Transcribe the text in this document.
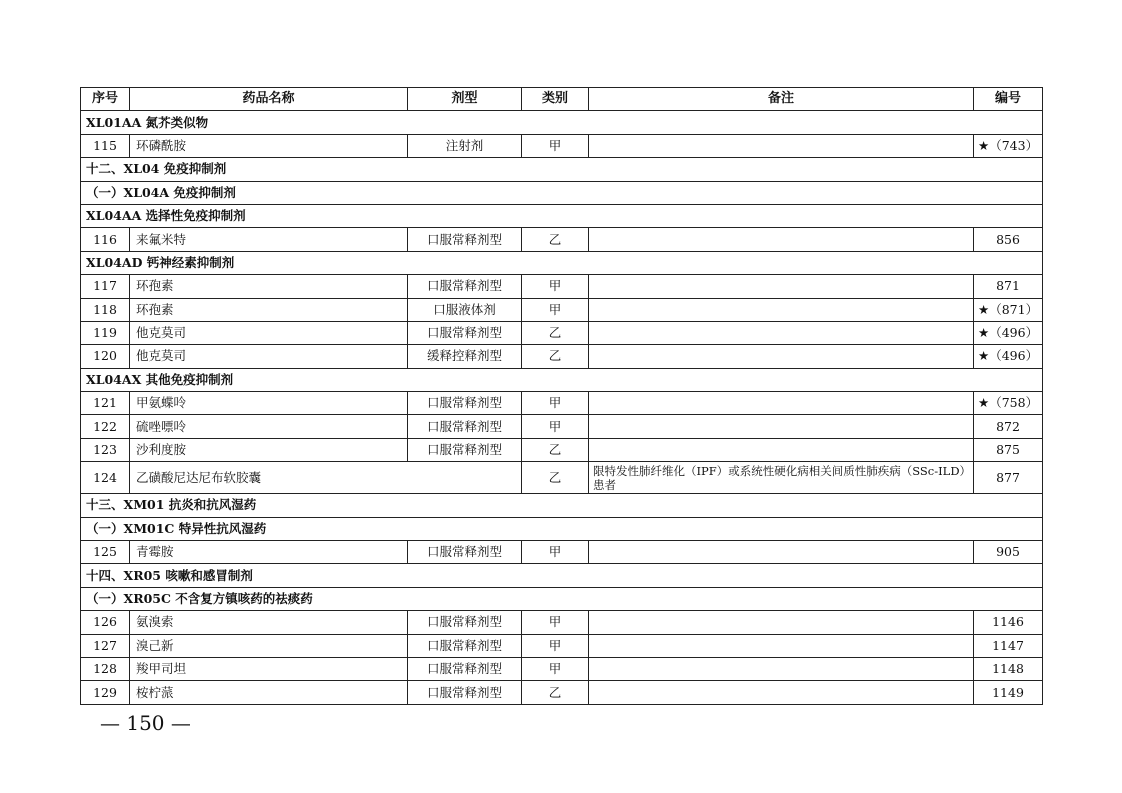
序号	药品名称	剂型	类别	备注	编号
XL01AA 氮芥类似物					
115	环磷酰胺	注射剂	甲		★（743）
十二、XL04 免疫抑制剂					
（一）XL04A 免疫抑制剂					
XL04AA 选择性免疫抑制剂					
116	来氟米特	口服常释剂型	乙		856
XL04AD 钙神经素抑制剂					
117	环孢素	口服常释剂型	甲		871
118	环孢素	口服液体剂	甲		★（871）
119	他克莫司	口服常释剂型	乙		★（496）
120	他克莫司	缓释控释剂型	乙		★（496）
XL04AX 其他免疫抑制剂					
121	甲氨蝶呤	口服常释剂型	甲		★（758）
122	硫唑嘌呤	口服常释剂型	甲		872
123	沙利度胺	口服常释剂型	乙		875
124	乙磺酸尼达尼布软胶囊		乙	限特发性肺纤维化（IPF）或系统性硬化病相关间质性肺疾病（SSc-ILD）患者	877
十三、XM01 抗炎和抗风湿药					
（一）XM01C 特异性抗风湿药					
125	青霉胺	口服常释剂型	甲		905
十四、XR05 咳嗽和感冒制剂					
（一）XR05C 不含复方镇咳药的祛痰药					
126	氨溴索	口服常释剂型	甲		1146
127	溴己新	口服常释剂型	甲		1147
128	羧甲司坦	口服常释剂型	甲		1148
129	桉柠蒎	口服常释剂型	乙		1149
— 150 —
